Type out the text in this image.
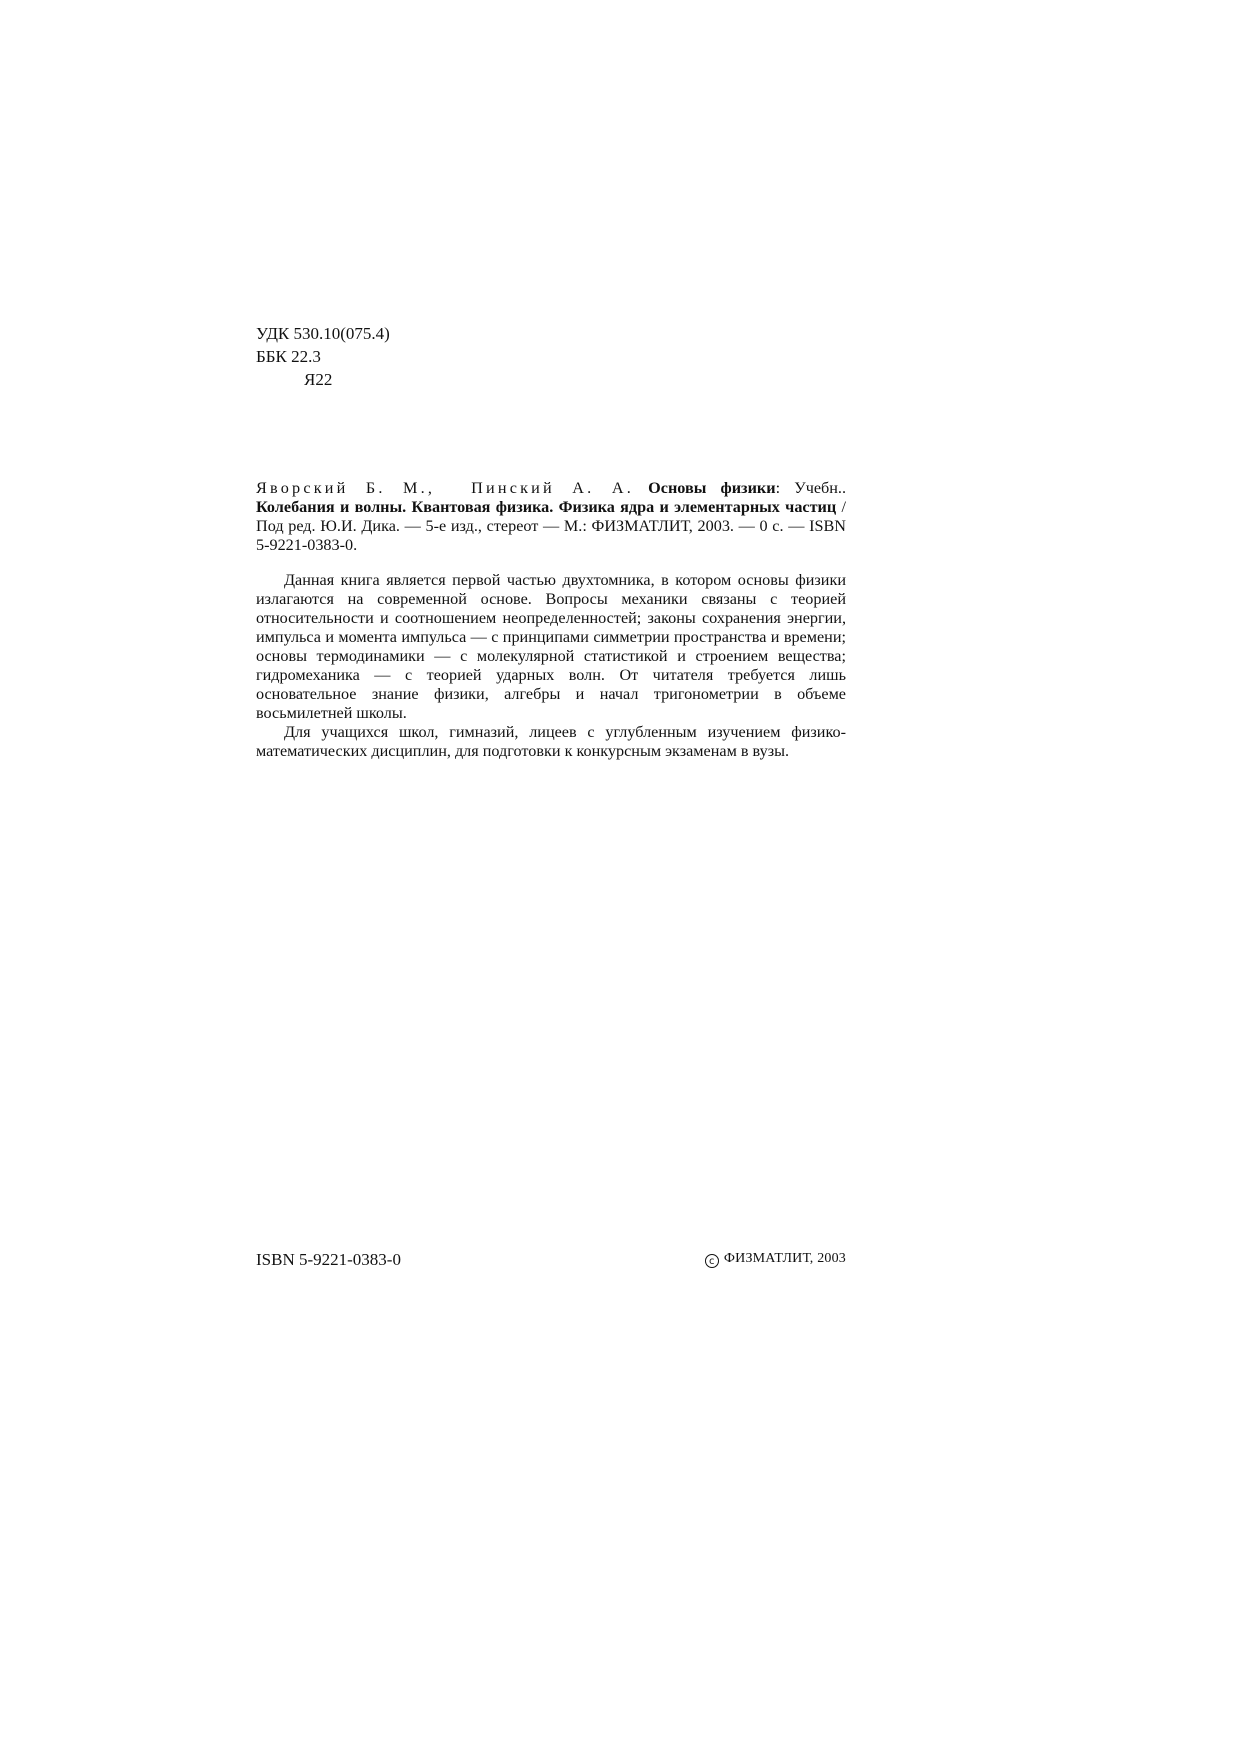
УДК 530.10(075.4)
ББК 22.3
Я22

Яворский Б. М., Пинский А. А. Основы физики: Учебн.. Колебания и волны. Квантовая физика. Физика ядра и элементарных частиц / Под ред. Ю.И. Дика. — 5-е изд., стереот — М.: ФИЗМАТЛИТ, 2003. — 0 с. — ISBN 5-9221-0383-0.

Данная книга является первой частью двухтомника, в котором основы физики излагаются на современной основе. Вопросы механики связаны с теорией относительности и соотношением неопределенностей; законы сохранения энергии, импульса и момента импульса — с принципами симметрии пространства и времени; основы термодинамики — с молекулярной статистикой и строением вещества; гидромеханика — с теорией ударных волн. От читателя требуется лишь основательное знание физики, алгебры и начал тригонометрии в объеме восьмилетней школы.

Для учащихся школ, гимназий, лицеев с углубленным изучением физико-математических дисциплин, для подготовки к конкурсным экзаменам в вузы.

ISBN 5-9221-0383-0	c ФИЗМАТЛИТ, 2003
